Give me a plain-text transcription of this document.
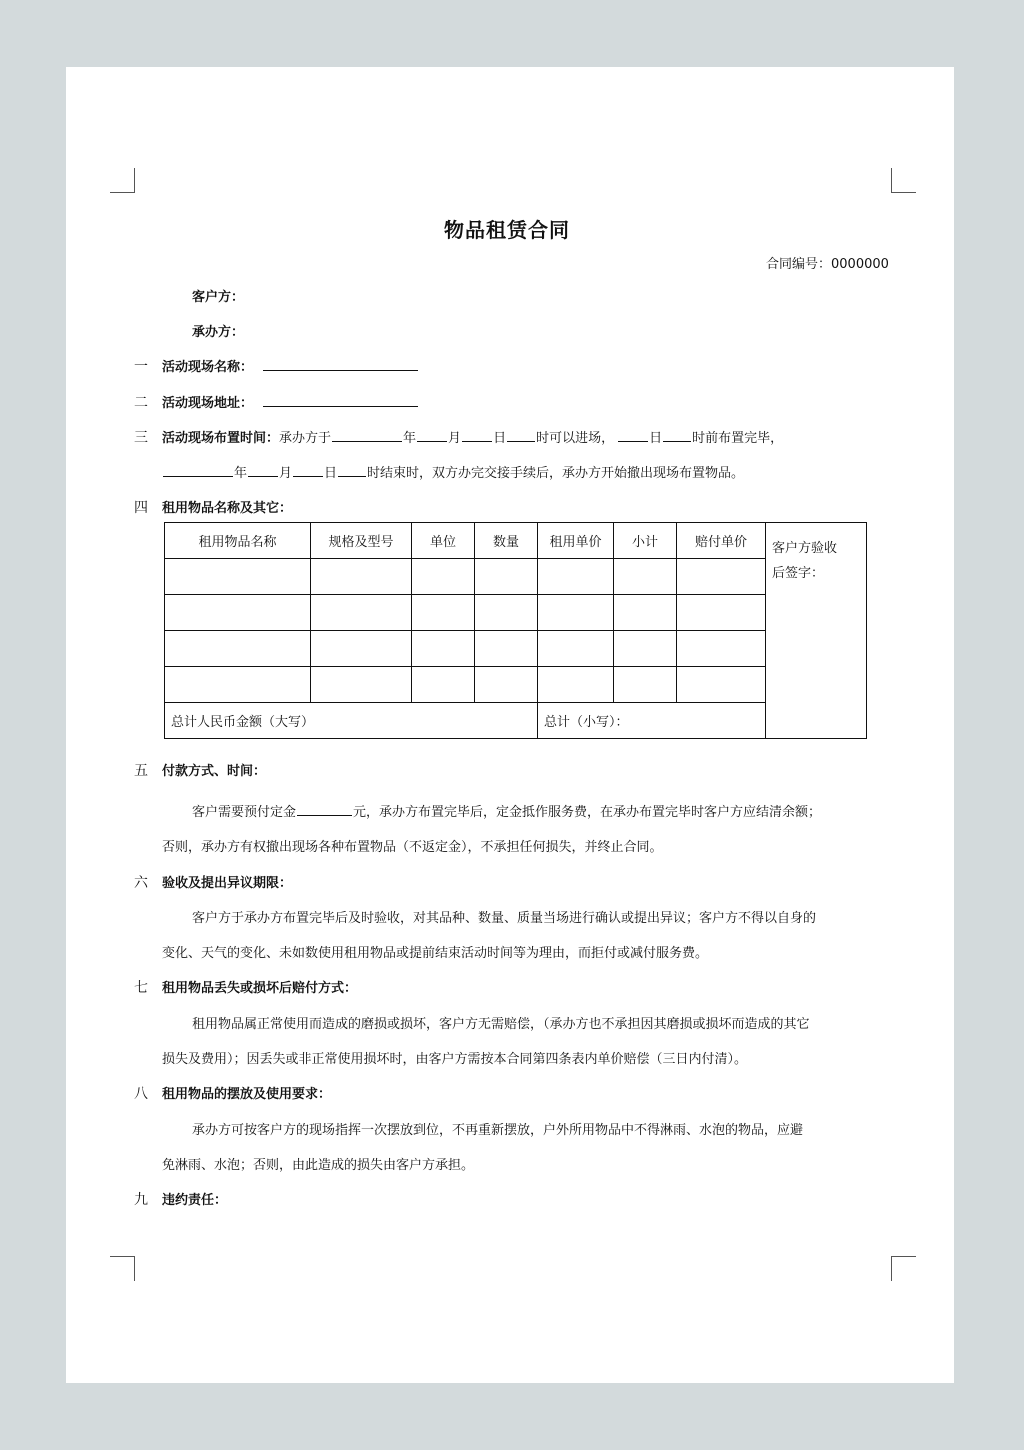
物品租赁合同
合同编号：0000000
客户方：
承办方：
一 活动现场名称：
二 活动现场地址：
三 活动现场布置时间：承办方于	年 月 日 时可以进场，	日 时前布置完毕，
年 月 日 时结束时，双方办完交接手续后，承办方开始撤出现场布置物品。
四 租用物品名称及其它：
租用物品名称	规格及型号	单位	数量	租用单价	小计	赔付单价	客户方验收
后签字：

总计人民币金额（大写）				总计（小写）：			
五 付款方式、时间：
客户需要预付定金	元，承办方布置完毕后，定金抵作服务费，在承办布置完毕时客户方应结清余额；
否则，承办方有权撤出现场各种布置物品（不返定金），不承担任何损失，并终止合同。
六 验收及提出异议期限：
客户方于承办方布置完毕后及时验收，对其品种、数量、质量当场进行确认或提出异议；客户方不得以自身的
变化、天气的变化、未如数使用租用物品或提前结束活动时间等为理由，而拒付或减付服务费。
七 租用物品丢失或损坏后赔付方式：
租用物品属正常使用而造成的磨损或损坏，客户方无需赔偿，（承办方也不承担因其磨损或损坏而造成的其它
损失及费用）；因丢失或非正常使用损坏时，由客户方需按本合同第四条表内单价赔偿（三日内付清）。
八 租用物品的摆放及使用要求：
承办方可按客户方的现场指挥一次摆放到位，不再重新摆放，户外所用物品中不得淋雨、水泡的物品，应避
免淋雨、水泡；否则，由此造成的损失由客户方承担。
九 违约责任：
